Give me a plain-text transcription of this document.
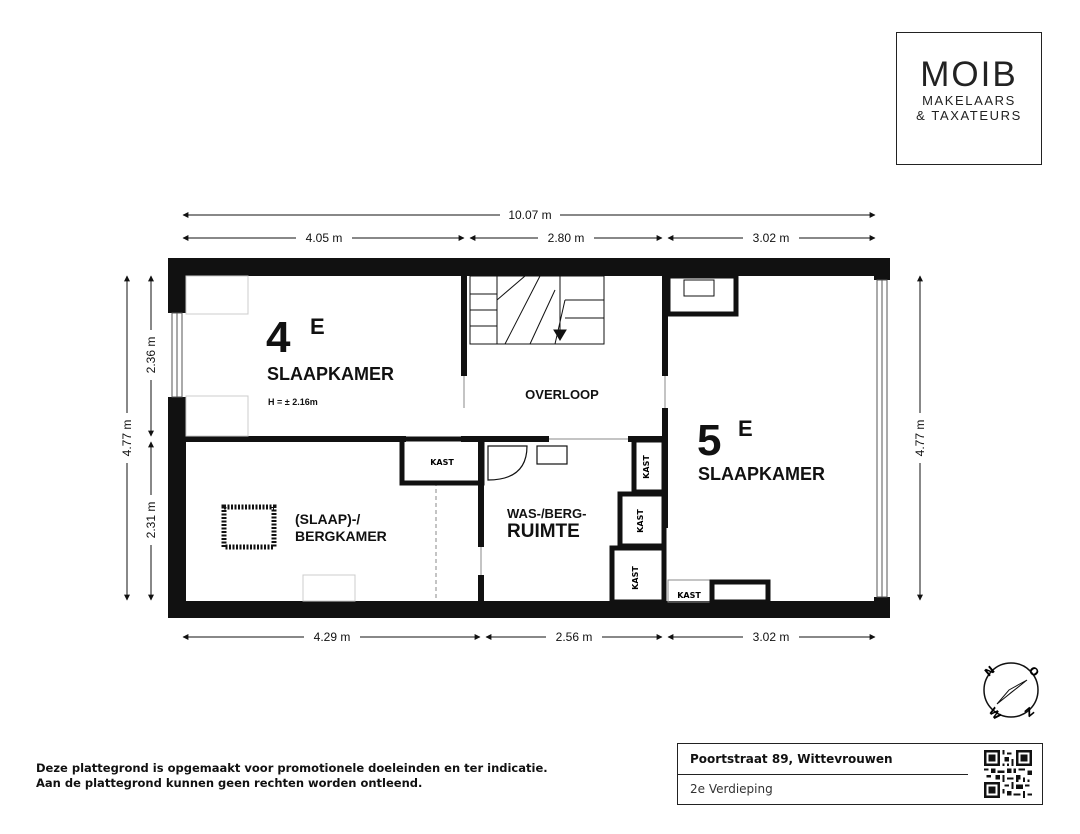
MOIB
MAKELAARS
& TAXATEURS
10.07 m
4.05 m	2.80 m	3.02 m
4.29 m	2.56 m	3.02 m
4.77 m
2.36 m
2.31 m
4.77 m
KAST	KAST
KAST
KAST
KAST
4 E
SLAAPKAMER
H = ± 2.16m	OVERLOOP
5 E
SLAAPKAMER
(SLAAP)-/
BERGKAMER
WAS-/BERG-
RUIMTE
N	O
Z
W
Deze plattegrond is opgemaakt voor promotionele doeleinden en ter indicatie.
Aan de plattegrond kunnen geen rechten worden ontleend.
Poortstraat 89, Wittevrouwen
2e Verdieping
